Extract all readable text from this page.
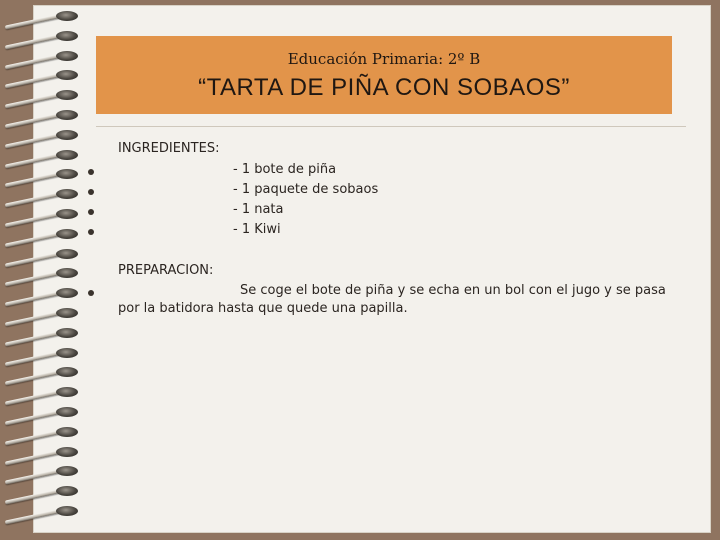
Educación Primaria: 2º B
“TARTA DE PIÑA CON SOBAOS”
INGREDIENTES:
- 1 bote de piña
- 1 paquete de sobaos
- 1 nata
- 1 Kiwi
PREPARACION:
Se coge el bote de piña y se echa en un bol con el jugo y se pasa
por la batidora hasta que quede una papilla.
